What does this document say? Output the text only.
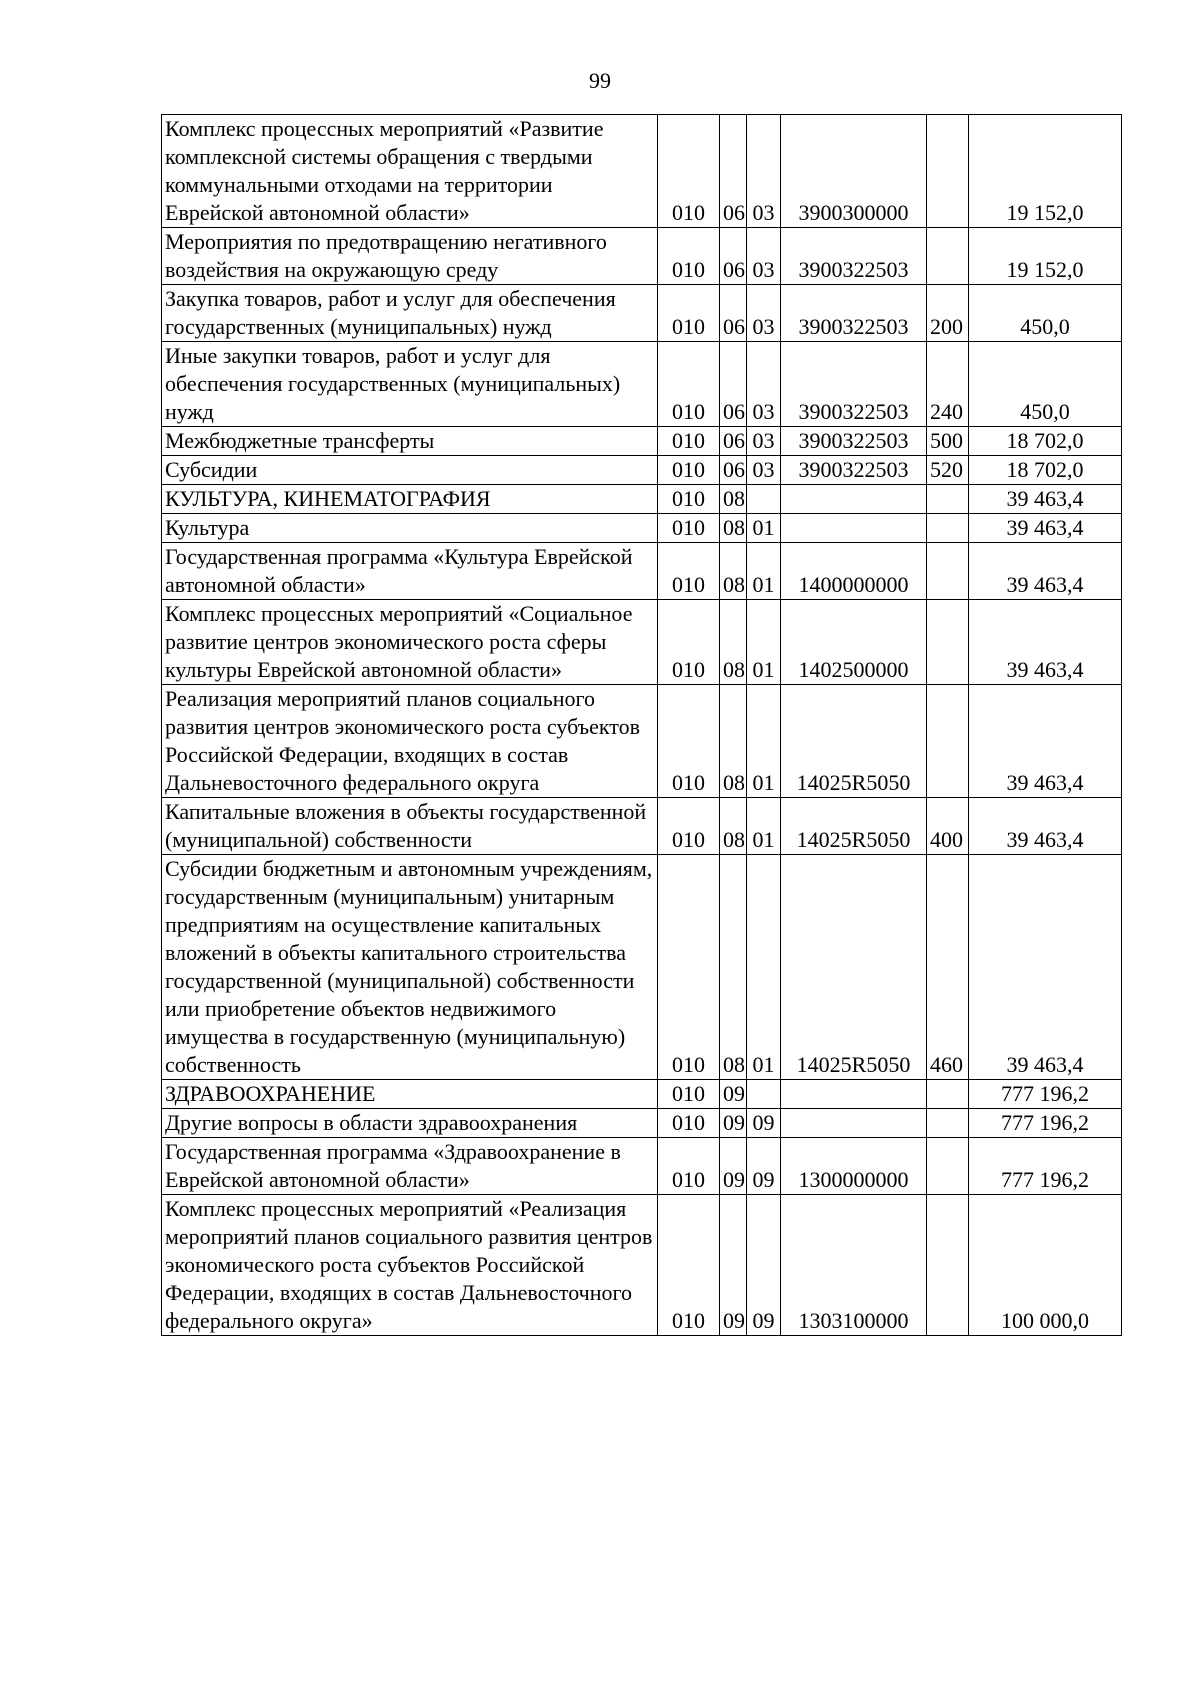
99
Комплекс процессных мероприятий «Развитие комплексной системы обращения с твердыми коммунальными отходами на территории Еврейской автономной области»	010	06	03	3900300000		19 152,0

Мероприятия по предотвращению негативного воздействия на окружающую среду	010	06	03	3900322503		19 152,0

Закупка товаров, работ и услуг для обеспечения государственных (муниципальных) нужд	010	06	03	3900322503	200	450,0

Иные закупки товаров, работ и услуг для обеспечения государственных (муниципальных) нужд	010	06	03	3900322503	240	450,0

Межбюджетные трансферты	010	06	03	3900322503	500	18 702,0

Субсидии	010	06	03	3900322503	520	18 702,0

КУЛЬТУРА, КИНЕМАТОГРАФИЯ	010	08				39 463,4

Культура	010	08	01			39 463,4

Государственная программа «Культура Еврейской автономной области»	010	08	01	1400000000		39 463,4

Комплекс процессных мероприятий «Социальное развитие центров экономического роста сферы культуры Еврейской автономной области»	010	08	01	1402500000		39 463,4

Реализация мероприятий планов социального развития центров экономического роста субъектов Российской Федерации, входящих в состав Дальневосточного федерального округа	010	08	01	14025R5050		39 463,4

Капитальные вложения в объекты государственной (муниципальной) собственности	010	08	01	14025R5050	400	39 463,4

Субсидии бюджетным и автономным учреждениям, государственным (муниципальным) унитарным предприятиям на осуществление капитальных вложений в объекты капитального строительства государственной (муниципальной) собственности или приобретение объектов недвижимого имущества в государственную (муниципальную) собственность	010	08	01	14025R5050	460	39 463,4

ЗДРАВООХРАНЕНИЕ	010	09				777 196,2

Другие вопросы в области здравоохранения	010	09	09			777 196,2

Государственная программа «Здравоохранение в Еврейской автономной области»	010	09	09	1300000000		777 196,2

Комплекс процессных мероприятий «Реализация мероприятий планов социального развития центров экономического роста субъектов Российской Федерации, входящих в состав Дальневосточного федерального округа»	010	09	09	1303100000		100 000,0
